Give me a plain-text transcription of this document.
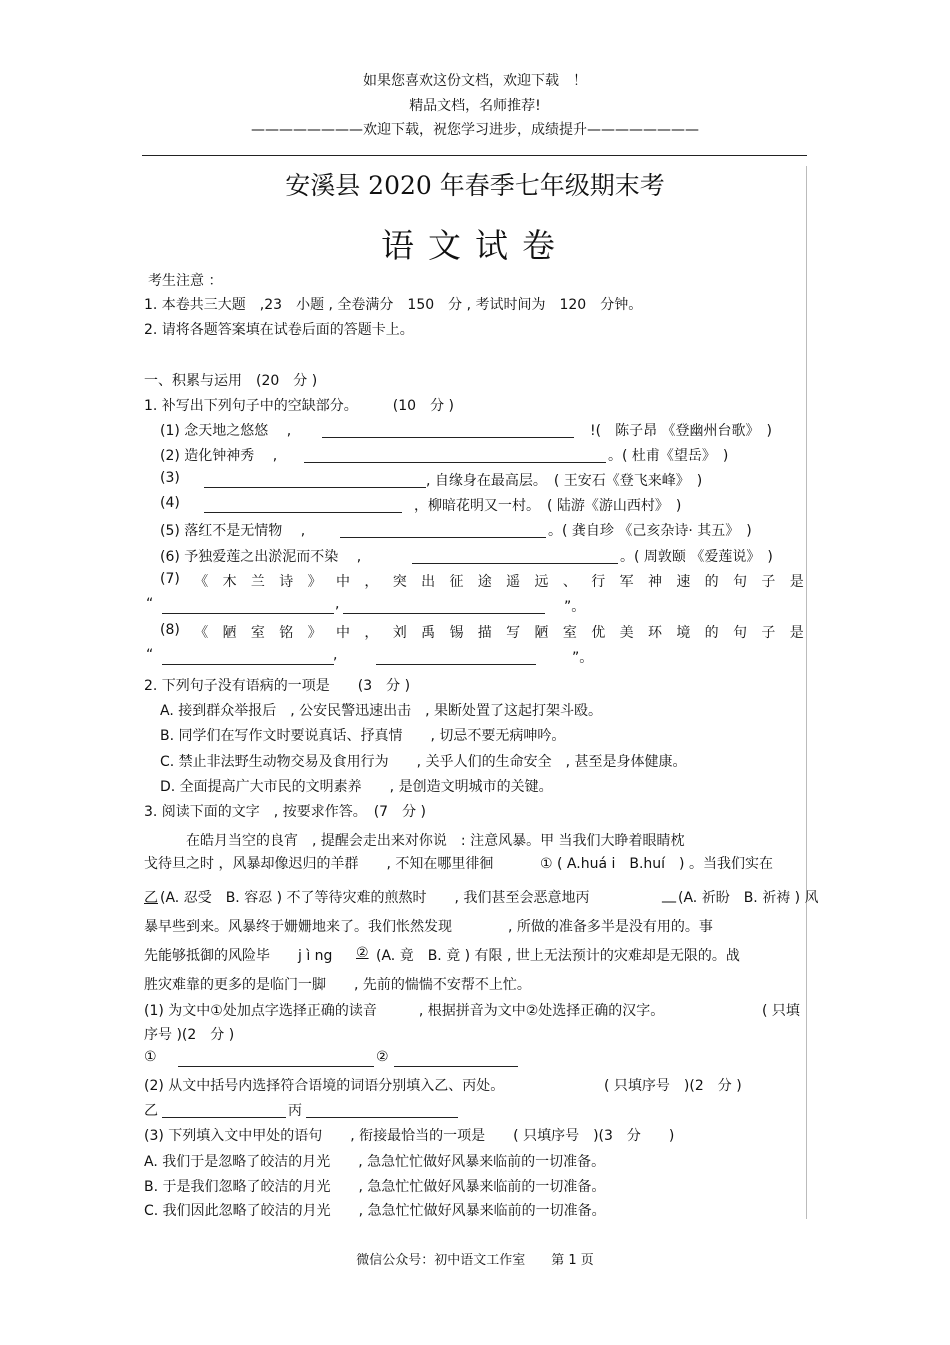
如果您喜欢这份文档，欢迎下载　！
精品文档，名师推荐!
————————欢迎下载，祝您学习进步，成绩提升————————
安溪县 2020 年春季七年级期末考
语文试卷
考生注意 ：
1. 本卷共三大题　,23　小题 , 全卷满分　150　分 , 考试时间为　120　分钟。
2. 请将各题答案填在试卷后面的答题卡上。
一、积累与运用　(20　分 )
1. 补写出下列句子中的空缺部分。　　　(10　分 )
(1) 念天地之悠悠　 ,	!(　陈子昂 《登幽州台歌》　)
(2) 造化钟神秀　 ,	。( 杜甫《望岳》　)
(3)	, 自缘身在最高层。　( 王安石《登飞来峰》　)
(4)	，柳暗花明又一村。　( 陆游《游山西村》　)
(5) 落红不是无情物　 ,	。( 龚自珍 《己亥杂诗· 其五》　)
(6) 予独爱莲之出淤泥而不染　 ,	。( 周敦颐 《爱莲说》　)
(7) 《 木 兰 诗 》 中 ， 突 出 征 途 遥 远 、 行 军 神 速 的 句 子 是
“	,	”。
(8) 《 陋 室 铭 》 中 ， 刘 禹 锡 描 写 陋 室 优 美 环 境 的 句 子 是
“	,	”。
2. 下列句子没有语病的一项是　　(3　分 )
A. 接到群众举报后　, 公安民警迅速出击　, 果断处置了这起打架斗殴。
B. 同学们在写作文时要说真话、抒真情　　, 切忌不要无病呻吟。
C. 禁止非法野生动物交易及食用行为　　, 关乎人们的生命安全　, 甚至是身体健康。
D. 全面提高广大市民的文明素养　　, 是创造文明城市的关键。
3. 阅读下面的文字　, 按要求作答。　(7　分 )
在皓月当空的良宵　, 提醒会走出来对你说　: 注意风暴。甲 当我们大睁着眼睛枕
戈待旦之时 ，风暴却像迟归的羊群　　, 不知在哪里徘徊	① ( A.huá i　B.huí　) 。当我们实在
乙 (A. 忍受　B. 容忍 ) 不了等待灾难的煎熬时　　, 我们甚至会恶意地丙	__ (A. 祈盼　B. 祈祷 ) 风
暴早些到来。风暴终于姗姗地来了。我们怅然发现　　　　, 所做的准备多半是没有用的。事
先能够抵御的风险毕　　j ì ng ② (A. 竟　B. 竟 ) 有限 , 世上无法预计的灾难却是无限的。战
胜灾难靠的更多的是临门一脚　　, 先前的惴惴不安帮不上忙。
(1) 为文中①处加点字选择正确的读音　　　, 根据拼音为文中②处选择正确的汉字。	( 只填
序号 )(2　分 )
①	②
(2) 从文中括号内选择符合语境的词语分别填入乙、丙处。	( 只填序号　)(2　分 )
乙	丙
(3) 下列填入文中甲处的语句　　, 衔接最恰当的一项是　　( 只填序号　)(3　分　　)
A. 我们于是忽略了皎洁的月光　　, 急急忙忙做好风暴来临前的一切准备。
B. 于是我们忽略了皎洁的月光　　, 急急忙忙做好风暴来临前的一切准备。
C. 我们因此忽略了皎洁的月光　　, 急急忙忙做好风暴来临前的一切准备。
微信公众号：初中语文工作室　　第 1 页
